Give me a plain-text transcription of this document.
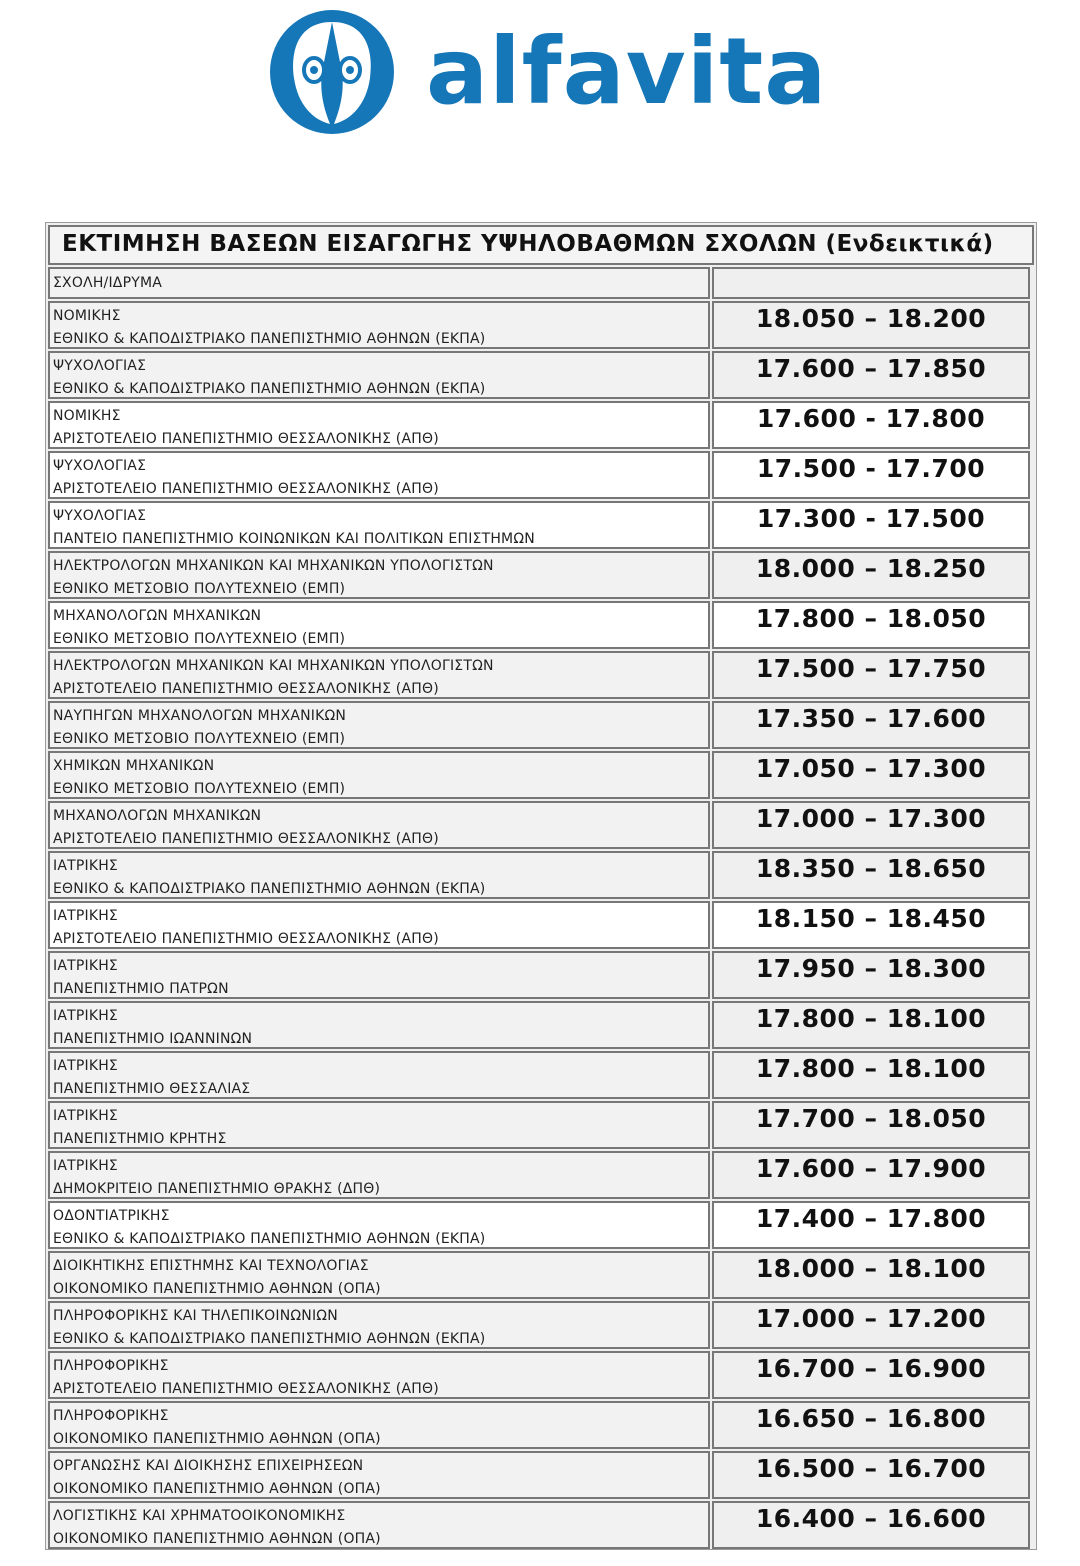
alfavita
ΕΚΤΙΜΗΣΗ ΒΑΣΕΩΝ ΕΙΣΑΓΩΓΗΣ ΥΨΗΛΟΒΑΘΜΩΝ ΣΧΟΛΩΝ (Ενδεικτικά)
ΣΧΟΛΗ/ΙΔΡΥΜΑ
ΝΟΜΙΚΗΣ
ΕΘΝΙΚΟ & ΚΑΠΟΔΙΣΤΡΙΑΚΟ ΠΑΝΕΠΙΣΤΗΜΙΟ ΑΘΗΝΩΝ (ΕΚΠΑ)
18.050 – 18.200
ΨΥΧΟΛΟΓΙΑΣ
ΕΘΝΙΚΟ & ΚΑΠΟΔΙΣΤΡΙΑΚΟ ΠΑΝΕΠΙΣΤΗΜΙΟ ΑΘΗΝΩΝ (ΕΚΠΑ)
17.600 – 17.850
ΝΟΜΙΚΗΣ
ΑΡΙΣΤΟΤΕΛΕΙΟ ΠΑΝΕΠΙΣΤΗΜΙΟ ΘΕΣΣΑΛΟΝΙΚΗΣ (ΑΠΘ)
17.600 - 17.800
ΨΥΧΟΛΟΓΙΑΣ
ΑΡΙΣΤΟΤΕΛΕΙΟ ΠΑΝΕΠΙΣΤΗΜΙΟ ΘΕΣΣΑΛΟΝΙΚΗΣ (ΑΠΘ)
17.500 - 17.700
ΨΥΧΟΛΟΓΙΑΣ
ΠΑΝΤΕΙΟ ΠΑΝΕΠΙΣΤΗΜΙΟ ΚΟΙΝΩΝΙΚΩΝ ΚΑΙ ΠΟΛΙΤΙΚΩΝ ΕΠΙΣΤΗΜΩΝ
17.300 - 17.500
ΗΛΕΚΤΡΟΛΟΓΩΝ ΜΗΧΑΝΙΚΩΝ ΚΑΙ ΜΗΧΑΝΙΚΩΝ ΥΠΟΛΟΓΙΣΤΩΝ
ΕΘΝΙΚΟ ΜΕΤΣΟΒΙΟ ΠΟΛΥΤΕΧΝΕΙΟ (ΕΜΠ)
18.000 – 18.250
ΜΗΧΑΝΟΛΟΓΩΝ ΜΗΧΑΝΙΚΩΝ
ΕΘΝΙΚΟ ΜΕΤΣΟΒΙΟ ΠΟΛΥΤΕΧΝΕΙΟ (ΕΜΠ)
17.800 – 18.050
ΗΛΕΚΤΡΟΛΟΓΩΝ ΜΗΧΑΝΙΚΩΝ ΚΑΙ ΜΗΧΑΝΙΚΩΝ ΥΠΟΛΟΓΙΣΤΩΝ
ΑΡΙΣΤΟΤΕΛΕΙΟ ΠΑΝΕΠΙΣΤΗΜΙΟ ΘΕΣΣΑΛΟΝΙΚΗΣ (ΑΠΘ)
17.500 – 17.750
ΝΑΥΠΗΓΩΝ ΜΗΧΑΝΟΛΟΓΩΝ ΜΗΧΑΝΙΚΩΝ
ΕΘΝΙΚΟ ΜΕΤΣΟΒΙΟ ΠΟΛΥΤΕΧΝΕΙΟ (ΕΜΠ)
17.350 – 17.600
ΧΗΜΙΚΩΝ ΜΗΧΑΝΙΚΩΝ
ΕΘΝΙΚΟ ΜΕΤΣΟΒΙΟ ΠΟΛΥΤΕΧΝΕΙΟ (ΕΜΠ)
17.050 – 17.300
ΜΗΧΑΝΟΛΟΓΩΝ ΜΗΧΑΝΙΚΩΝ
ΑΡΙΣΤΟΤΕΛΕΙΟ ΠΑΝΕΠΙΣΤΗΜΙΟ ΘΕΣΣΑΛΟΝΙΚΗΣ (ΑΠΘ)
17.000 – 17.300
ΙΑΤΡΙΚΗΣ
ΕΘΝΙΚΟ & ΚΑΠΟΔΙΣΤΡΙΑΚΟ ΠΑΝΕΠΙΣΤΗΜΙΟ ΑΘΗΝΩΝ (ΕΚΠΑ)
18.350 – 18.650
ΙΑΤΡΙΚΗΣ
ΑΡΙΣΤΟΤΕΛΕΙΟ ΠΑΝΕΠΙΣΤΗΜΙΟ ΘΕΣΣΑΛΟΝΙΚΗΣ (ΑΠΘ)
18.150 – 18.450
ΙΑΤΡΙΚΗΣ
ΠΑΝΕΠΙΣΤΗΜΙΟ ΠΑΤΡΩΝ
17.950 – 18.300
ΙΑΤΡΙΚΗΣ
ΠΑΝΕΠΙΣΤΗΜΙΟ ΙΩΑΝΝΙΝΩΝ
17.800 – 18.100
ΙΑΤΡΙΚΗΣ
ΠΑΝΕΠΙΣΤΗΜΙΟ ΘΕΣΣΑΛΙΑΣ
17.800 – 18.100
ΙΑΤΡΙΚΗΣ
ΠΑΝΕΠΙΣΤΗΜΙΟ ΚΡΗΤΗΣ
17.700 – 18.050
ΙΑΤΡΙΚΗΣ
ΔΗΜΟΚΡΙΤΕΙΟ ΠΑΝΕΠΙΣΤΗΜΙΟ ΘΡΑΚΗΣ (ΔΠΘ)
17.600 – 17.900
ΟΔΟΝΤΙΑΤΡΙΚΗΣ
ΕΘΝΙΚΟ & ΚΑΠΟΔΙΣΤΡΙΑΚΟ ΠΑΝΕΠΙΣΤΗΜΙΟ ΑΘΗΝΩΝ (ΕΚΠΑ)
17.400 – 17.800
ΔΙΟΙΚΗΤΙΚΗΣ ΕΠΙΣΤΗΜΗΣ ΚΑΙ ΤΕΧΝΟΛΟΓΙΑΣ
ΟΙΚΟΝΟΜΙΚΟ ΠΑΝΕΠΙΣΤΗΜΙΟ ΑΘΗΝΩΝ (ΟΠΑ)
18.000 – 18.100
ΠΛΗΡΟΦΟΡΙΚΗΣ ΚΑΙ ΤΗΛΕΠΙΚΟΙΝΩΝΙΩΝ
ΕΘΝΙΚΟ & ΚΑΠΟΔΙΣΤΡΙΑΚΟ ΠΑΝΕΠΙΣΤΗΜΙΟ ΑΘΗΝΩΝ (ΕΚΠΑ)
17.000 – 17.200
ΠΛΗΡΟΦΟΡΙΚΗΣ
ΑΡΙΣΤΟΤΕΛΕΙΟ ΠΑΝΕΠΙΣΤΗΜΙΟ ΘΕΣΣΑΛΟΝΙΚΗΣ (ΑΠΘ)
16.700 – 16.900
ΠΛΗΡΟΦΟΡΙΚΗΣ
ΟΙΚΟΝΟΜΙΚΟ ΠΑΝΕΠΙΣΤΗΜΙΟ ΑΘΗΝΩΝ (ΟΠΑ)
16.650 – 16.800
ΟΡΓΑΝΩΣΗΣ ΚΑΙ ΔΙΟΙΚΗΣΗΣ ΕΠΙΧΕΙΡΗΣΕΩΝ
ΟΙΚΟΝΟΜΙΚΟ ΠΑΝΕΠΙΣΤΗΜΙΟ ΑΘΗΝΩΝ (ΟΠΑ)
16.500 – 16.700
ΛΟΓΙΣΤΙΚΗΣ ΚΑΙ ΧΡΗΜΑΤΟΟΙΚΟΝΟΜΙΚΗΣ
ΟΙΚΟΝΟΜΙΚΟ ΠΑΝΕΠΙΣΤΗΜΙΟ ΑΘΗΝΩΝ (ΟΠΑ)
16.400 – 16.600
